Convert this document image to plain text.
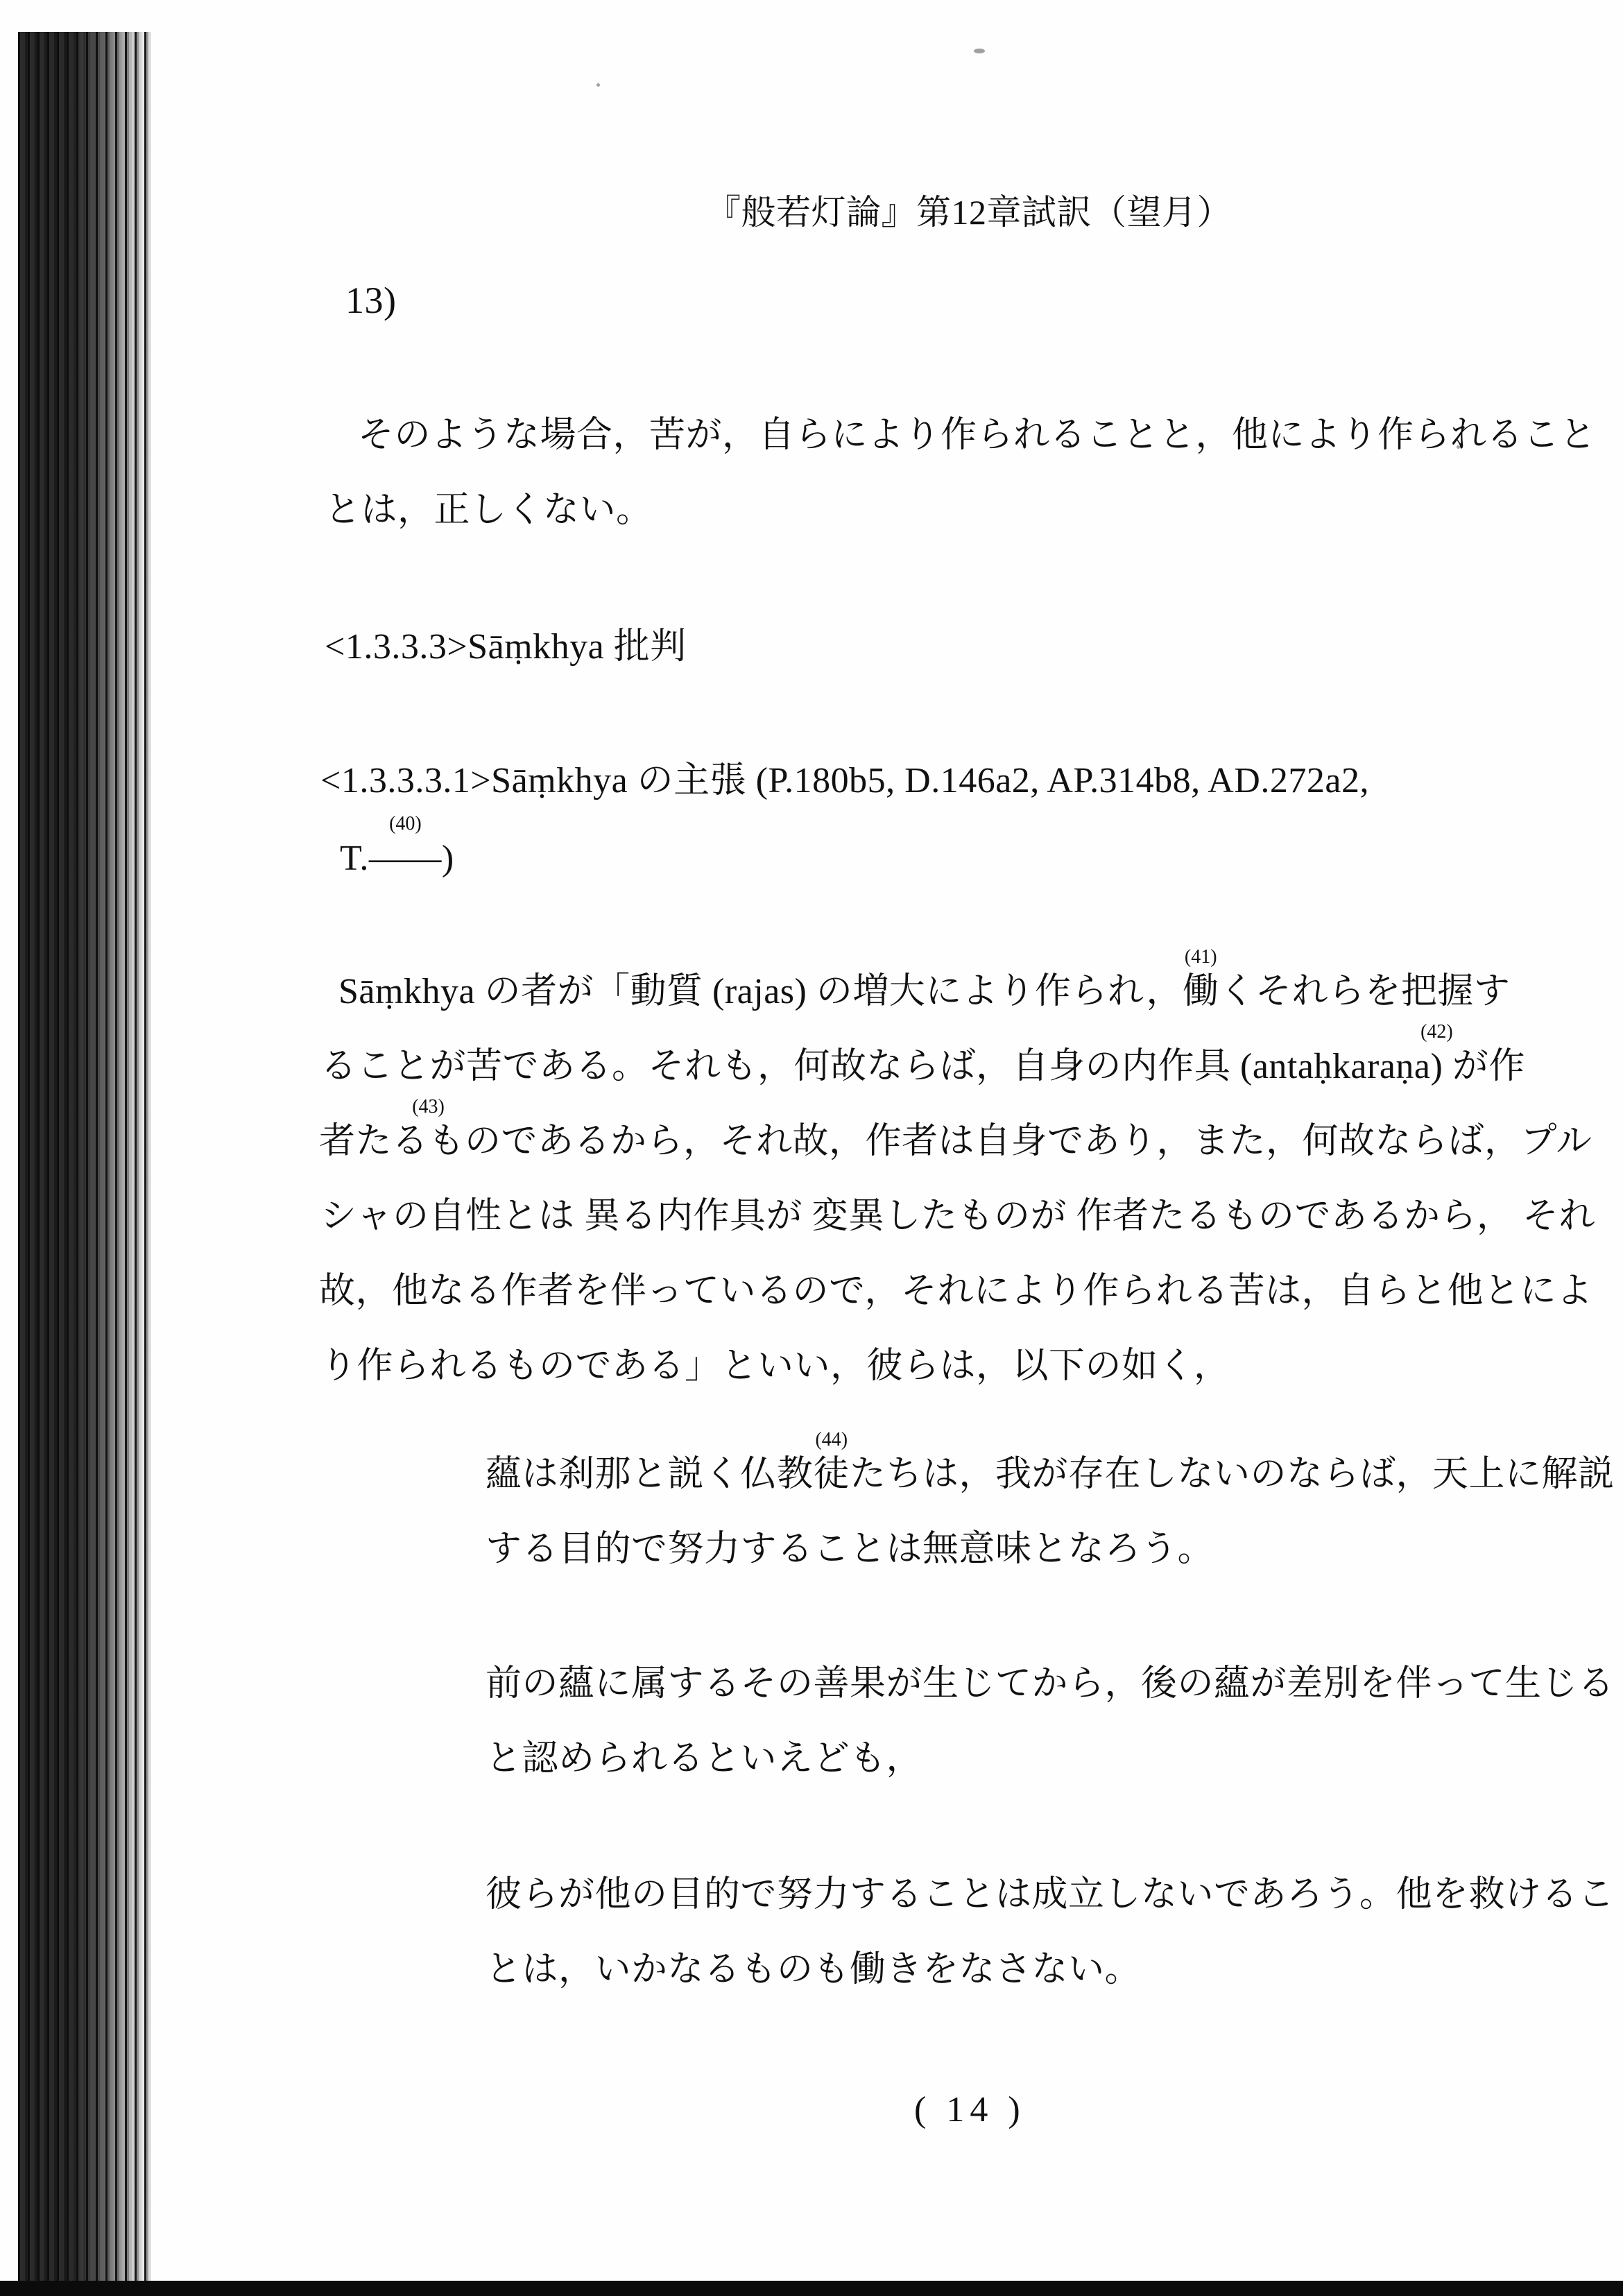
『般若灯論』第12章試訳（望月）
13)
そのような場合，苦が，自らにより作られることと，他により作られること
とは，正しくない。
<1.3.3.3>Sāṃkhya 批判
<1.3.3.3.1>Sāṃkhya の主張 (P.180b5, D.146a2, AP.314b8, AD.272a2,
T.
(40)
——)
Sāṃkhya の者が「動質 (rajas) の増大により作られ，
(41)
働くそれらを把握す
ることが苦である。それも，何故ならば，自身の内作具 (antaḥkaraṇa
(42)
) が作
者た
(43)
るものであるから，それ故，作者は自身であり，また，何故ならば，プル
シャの自性とは 異る内作具が 変異したものが 作者たるものであるから， それ
故，他なる作者を伴っているので，それにより作られる苦は，自らと他とによ
り作られるものである」といい，彼らは，以下の如く，
蘊は刹那と説く仏教
(44)
徒たちは，我が存在しないのならば，天上に解説
する目的で努力することは無意味となろう。
前の蘊に属するその善果が生じてから，後の蘊が差別を伴って生じる
と認められるといえども，
彼らが他の目的で努力することは成立しないであろう。他を救けるこ
とは，いかなるものも働きをなさない。
( 14 )
